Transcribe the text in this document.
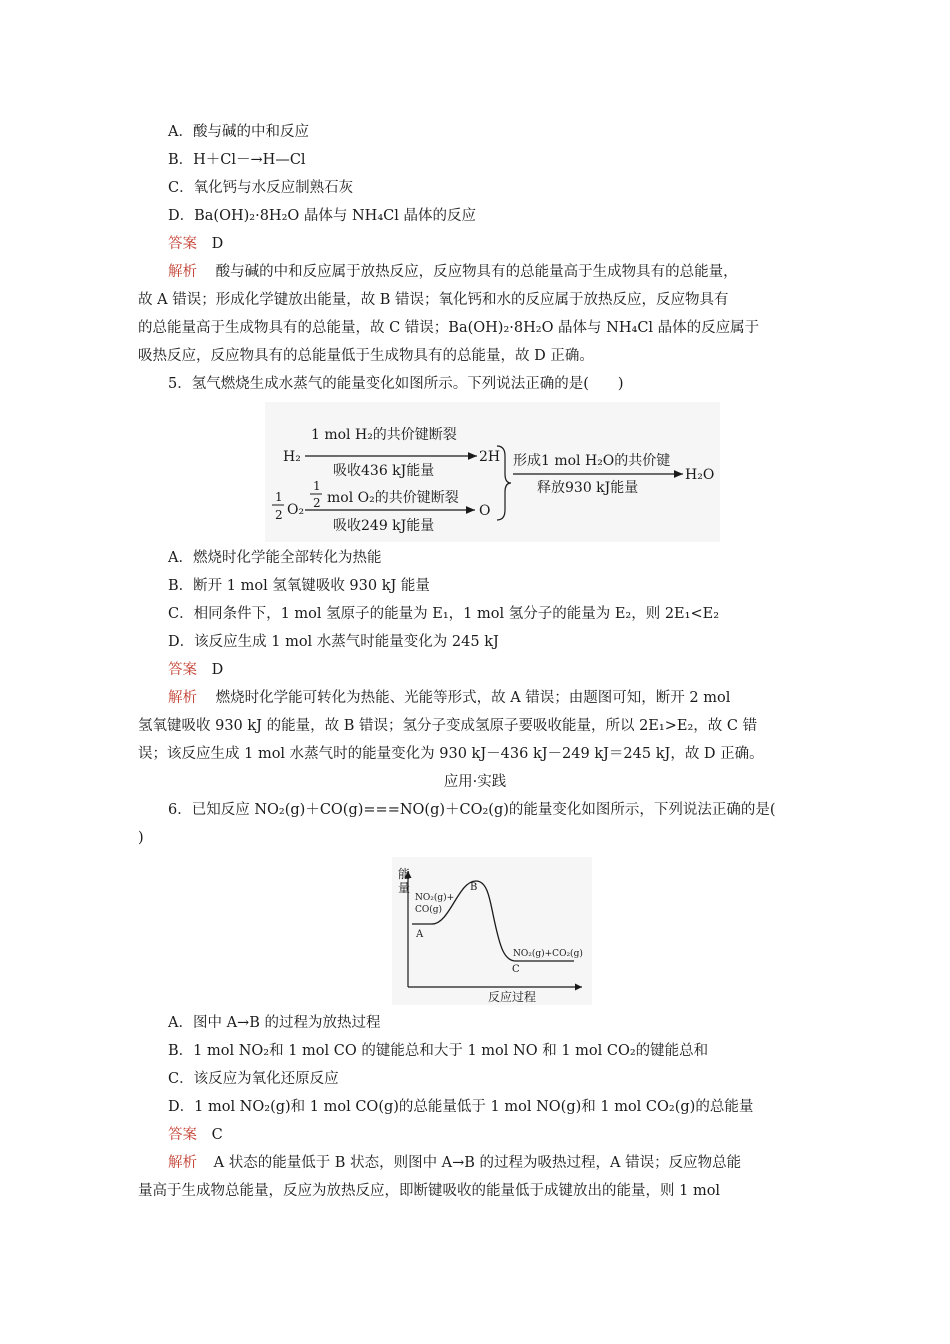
A．酸与碱的中和反应
B．H＋Cl－→H—Cl
C．氧化钙与水反应制熟石灰
D．Ba(OH)₂·8H₂O 晶体与 NH₄Cl 晶体的反应
答案 D
解析 酸与碱的中和反应属于放热反应，反应物具有的总能量高于生成物具有的总能量，
故 A 错误；形成化学键放出能量，故 B 错误；氧化钙和水的反应属于放热反应，反应物具有
的总能量高于生成物具有的总能量，故 C 错误；Ba(OH)₂·8H₂O 晶体与 NH₄Cl 晶体的反应属于
吸热反应，反应物具有的总能量低于生成物具有的总能量，故 D 正确。
5．氢气燃烧生成水蒸气的能量变化如图所示。下列说法正确的是(　　)
H₂
1 mol H₂的共价键断裂
吸收436 kJ能量
2H
1
2 O₂
1
2 mol O₂的共价键断裂
吸收249 kJ能量
O
形成1 mol H₂O的共价键
释放930 kJ能量
H₂O
A．燃烧时化学能全部转化为热能
B．断开 1 mol 氢氧键吸收 930 kJ 能量
C．相同条件下，1 mol 氢原子的能量为 E₁，1 mol 氢分子的能量为 E₂，则 2E₁<E₂
D．该反应生成 1 mol 水蒸气时能量变化为 245 kJ
答案 D
解析 燃烧时化学能可转化为热能、光能等形式，故 A 错误；由题图可知，断开 2 mol
氢氧键吸收 930 kJ 的能量，故 B 错误；氢分子变成氢原子要吸收能量，所以 2E₁>E₂，故 C 错
误；该反应生成 1 mol 水蒸气时的能量变化为 930 kJ－436 kJ－249 kJ＝245 kJ，故 D 正确。
应用·实践
6．已知反应 NO₂(g)＋CO(g)===NO(g)＋CO₂(g)的能量变化如图所示，下列说法正确的是(
)
能
量
反应过程
NO₂(g)+
CO(g)
A
B
NO₂(g)+CO₂(g)
C
A．图中 A→B 的过程为放热过程
B．1 mol NO₂和 1 mol CO 的键能总和大于 1 mol NO 和 1 mol CO₂的键能总和
C．该反应为氧化还原反应
D．1 mol NO₂(g)和 1 mol CO(g)的总能量低于 1 mol NO(g)和 1 mol CO₂(g)的总能量
答案 C
解析 A 状态的能量低于 B 状态，则图中 A→B 的过程为吸热过程，A 错误；反应物总能
量高于生成物总能量，反应为放热反应，即断键吸收的能量低于成键放出的能量，则 1 mol
